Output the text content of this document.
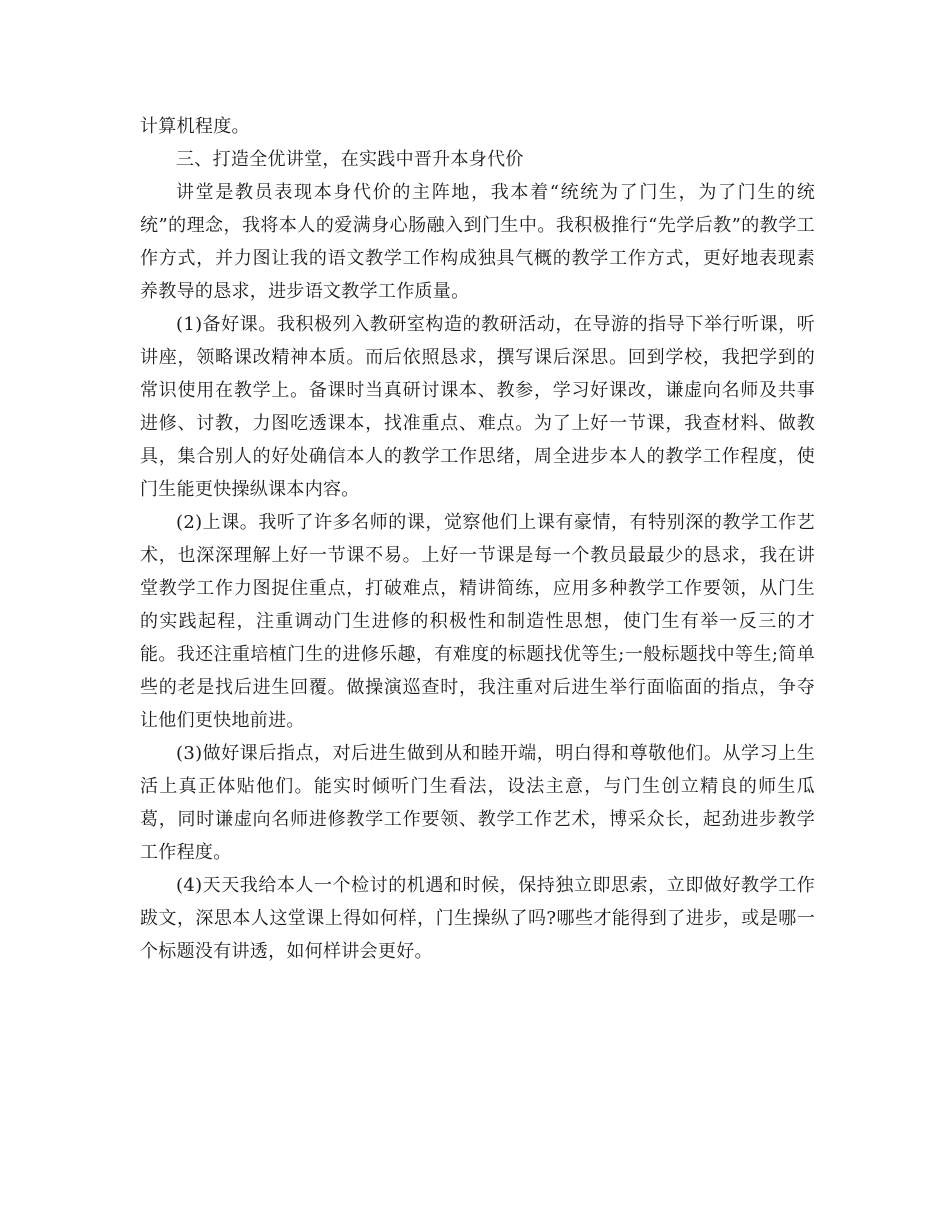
计算机程度。

三、打造全优讲堂，在实践中晋升本身代价

讲堂是教员表现本身代价的主阵地，我本着“统统为了门生，为了门生的统统”的理念，我将本人的爱满身心肠融入到门生中。我积极推行“先学后教”的教学工作方式，并力图让我的语文教学工作构成独具气概的教学工作方式，更好地表现素养教导的恳求，进步语文教学工作质量。

(1)备好课。我积极列入教研室构造的教研活动，在导游的指导下举行听课，听讲座，领略课改精神本质。而后依照恳求，撰写课后深思。回到学校，我把学到的常识使用在教学上。备课时当真研讨课本、教参，学习好课改，谦虚向名师及共事进修、讨教，力图吃透课本，找准重点、难点。为了上好一节课，我查材料、做教具，集合别人的好处确信本人的教学工作思绪，周全进步本人的教学工作程度，使门生能更快操纵课本内容。

(2)上课。我听了许多名师的课，觉察他们上课有豪情，有特别深的教学工作艺术，也深深理解上好一节课不易。上好一节课是每一个教员最最少的恳求，我在讲堂教学工作力图捉住重点，打破难点，精讲简练，应用多种教学工作要领，从门生的实践起程，注重调动门生进修的积极性和制造性思想，使门生有举一反三的才能。我还注重培植门生的进修乐趣，有难度的标题找优等生;一般标题找中等生;简单些的老是找后进生回覆。做操演巡查时，我注重对后进生举行面临面的指点，争夺让他们更快地前进。

(3)做好课后指点，对后进生做到从和睦开端，明白得和尊敬他们。从学习上生活上真正体贴他们。能实时倾听门生看法，设法主意，与门生创立精良的师生瓜葛，同时谦虚向名师进修教学工作要领、教学工作艺术，博采众长，起劲进步教学工作程度。

(4)天天我给本人一个检讨的机遇和时候，保持独立即思索，立即做好教学工作跋文，深思本人这堂课上得如何样，门生操纵了吗?哪些才能得到了进步，或是哪一个标题没有讲透，如何样讲会更好。
